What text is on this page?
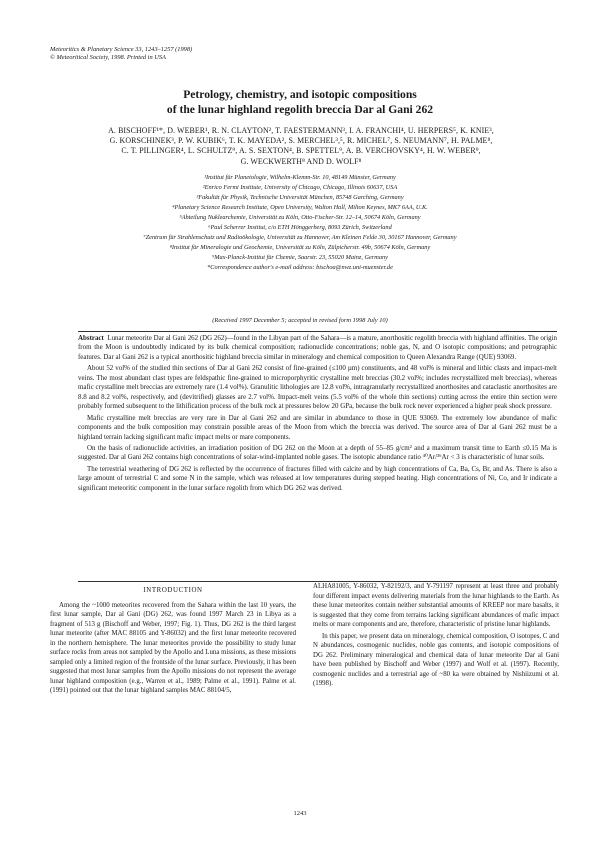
Meteoritics & Planetary Science 33, 1243–1257 (1998)
© Meteoritical Society, 1998. Printed in USA
Petrology, chemistry, and isotopic compositions
of the lunar highland regolith breccia Dar al Gani 262
A. BISCHOFF¹*, D. WEBER¹, R. N. CLAYTON², T. FAESTERMANN³, I. A. FRANCHI⁴, U. HERPERS⁵, K. KNIE³,
G. KORSCHINEK³, P. W. KUBIK⁶, T. K. MAYEDA², S. MERCHEL³,⁵, R. MICHEL⁷, S. NEUMANN⁷, H. PALME⁸,
C. T. PILLINGER⁴, L. SCHULTZ⁹, A. S. SEXTON⁴, B. SPETTEL⁹, A. B. VERCHOVSKY⁴, H. W. WEBER⁹,
G. WECKWERTH⁸ AND D. WOLF⁸
¹Institut für Planetologie, Wilhelm-Klemm-Str. 10, 48149 Münster, Germany
²Enrico Fermi Institute, University of Chicago, Chicago, Illinois 60637, USA
³Fakultät für Physik, Technische Universität München, 85748 Garching, Germany
⁴Planetary Science Research Institute, Open University, Walton Hall, Milton Keynes, MK7 6AA, U.K.
⁵Abteilung Nuklearchemie, Universität zu Köln, Otto-Fischer-Str. 12–14, 50674 Köln, Germany
⁶Paul Scherrer Institut, c/o ETH Hönggerberg, 8093 Zürich, Switzerland
⁷Zentrum für Strahlenschutz und Radioökologie, Universität zu Hannover, Am Kleinen Felde 30, 30167 Hannover, Germany
⁸Institut für Mineralogie und Geochemie, Universität zu Köln, Zülpicherstr. 49b, 50674 Köln, Germany
⁹Max-Planck-Institut für Chemie, Saarstr. 23, 55020 Mainz, Germany
*Correspondence author's e-mail address: bischoa@nwz.uni-muenster.de
(Received 1997 December 5; accepted in revised form 1998 July 10)

Abstract Lunar meteorite Dar al Gani 262 (DG 262)—found in the Libyan part of the Sahara—is a mature, anorthositic regolith breccia with highland affinities. The origin from the Moon is undoubtedly indicated by its bulk chemical composition; radionuclide concentrations; noble gas, N, and O isotopic compositions; and petrographic features. Dar al Gani 262 is a typical anorthositic highland breccia similar in mineralogy and chemical composition to Queen Alexandra Range (QUE) 93069.

About 52 vol% of the studied thin sections of Dar al Gani 262 consist of fine-grained (≤100 µm) constituents, and 48 vol% is mineral and lithic clasts and impact-melt veins. The most abundant clast types are feldspathic fine-grained to microporphyritic crystalline melt breccias (30.2 vol%; includes recrystallized melt breccias), whereas mafic crystalline melt breccias are extremely rare (1.4 vol%). Granulitic lithologies are 12.8 vol%, intragranularly recrystallized anorthosites and cataclastic anorthosites are 8.8 and 8.2 vol%, respectively, and (devitrified) glasses are 2.7 vol%. Impact-melt veins (5.5 vol% of the whole thin sections) cutting across the entire thin section were probably formed subsequent to the lithification process of the bulk rock at pressures below 20 GPa, because the bulk rock never experienced a higher peak shock pressure.

Mafic crystalline melt breccias are very rare in Dar al Gani 262 and are similar in abundance to those in QUE 93069. The extremely low abundance of mafic components and the bulk composition may constrain possible areas of the Moon from which the breccia was derived. The source area of Dar al Gani 262 must be a highland terrain lacking significant mafic impact melts or mare components.

On the basis of radionuclide activities, an irradiation position of DG 262 on the Moon at a depth of 55–85 g/cm² and a maximum transit time to Earth ≤0.15 Ma is suggested. Dar al Gani 262 contains high concentrations of solar-wind-implanted noble gases. The isotopic abundance ratio ⁴⁰Ar/³⁶Ar < 3 is characteristic of lunar soils.

The terrestrial weathering of DG 262 is reflected by the occurrence of fractures filled with calcite and by high concentrations of Ca, Ba, Cs, Br, and As. There is also a large amount of terrestrial C and some N in the sample, which was released at low temperatures during stepped heating. High concentrations of Ni, Co, and Ir indicate a significant meteoritic component in the lunar surface regolith from which DG 262 was derived.

INTRODUCTION

Among the ~1000 meteorites recovered from the Sahara within the last 10 years, the first lunar sample, Dar al Gani (DG) 262, was found 1997 March 23 in Libya as a fragment of 513 g (Bischoff and Weber, 1997; Fig. 1). Thus, DG 262 is the third largest lunar meteorite (after MAC 88105 and Y-86032) and the first lunar meteorite recovered in the northern hemisphere. The lunar meteorites provide the possibility to study lunar surface rocks from areas not sampled by the Apollo and Luna missions, as these missions sampled only a limited region of the frontside of the lunar surface. Previously, it has been suggested that most lunar samples from the Apollo missions do not represent the average lunar highland composition (e.g., Warren et al., 1989; Palme et al., 1991). Palme et al. (1991) pointed out that the lunar highland samples MAC 88104/5,

ALHA81005, Y-86032, Y-82192/3, and Y-791197 represent at least three and probably four different impact events delivering materials from the lunar highlands to the Earth. As these lunar meteorites contain neither substantial amounts of KREEP nor mare basalts, it is suggested that they come from terrains lacking significant abundances of mafic impact melts or mare components and are, therefore, characteristic of pristine lunar highlands.

In this paper, we present data on mineralogy, chemical composition, O isotopes, C and N abundances, cosmogenic nuclides, noble gas contents, and isotopic compositions of DG 262. Preliminary mineralogical and chemical data of lunar meteorite Dar al Gani have been published by Bischoff and Weber (1997) and Wolf et al. (1997). Recently, cosmogenic nuclides and a terrestrial age of ~80 ka were obtained by Nishiizumi et al. (1998).

1243
